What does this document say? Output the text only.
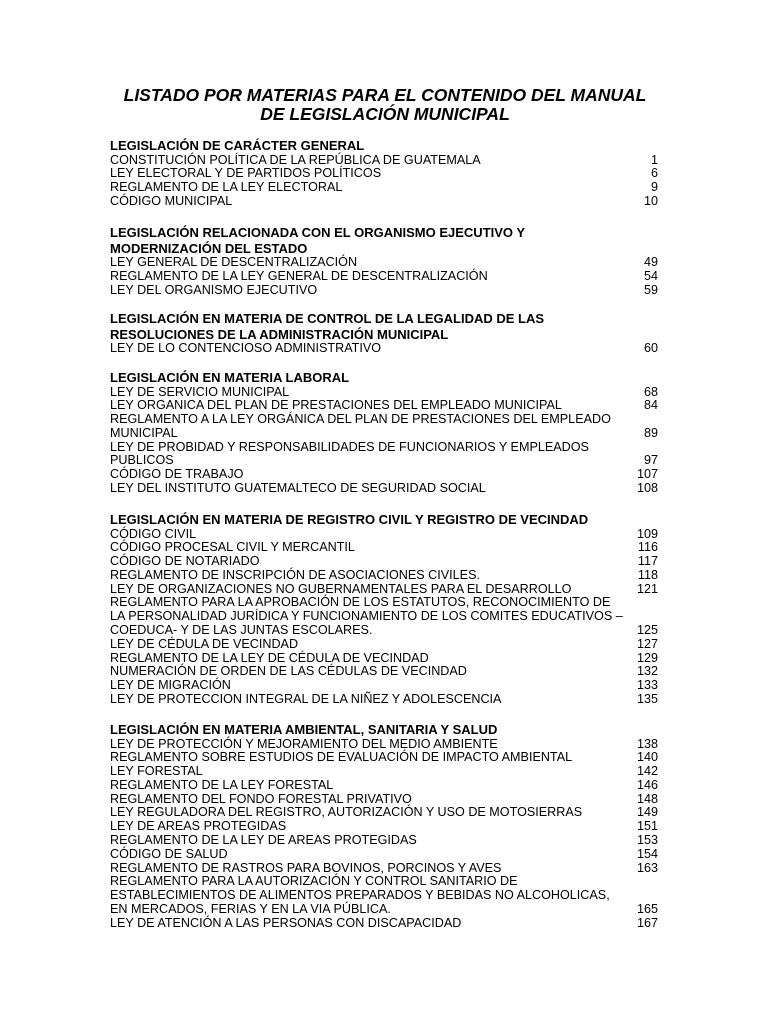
LISTADO POR MATERIAS PARA EL CONTENIDO DEL MANUAL
DE LEGISLACIÓN MUNICIPAL
LEGISLACIÓN DE CARÁCTER GENERAL
CONSTITUCIÓN POLÍTICA DE LA REPÚBLICA DE GUATEMALA	1
LEY ELECTORAL Y DE PARTIDOS POLÍTICOS	6
REGLAMENTO DE LA LEY ELECTORAL	9
CÓDIGO MUNICIPAL	10
LEGISLACIÓN RELACIONADA CON EL ORGANISMO EJECUTIVO Y
MODERNIZACIÓN DEL ESTADO
LEY GENERAL DE DESCENTRALIZACIÓN	49
REGLAMENTO DE LA LEY GENERAL DE DESCENTRALIZACIÓN	54
LEY DEL ORGANISMO EJECUTIVO	59
LEGISLACIÓN EN MATERIA DE CONTROL DE LA LEGALIDAD DE LAS
RESOLUCIONES DE LA ADMINISTRACIÓN MUNICIPAL
LEY DE LO CONTENCIOSO ADMINISTRATIVO	60
LEGISLACIÓN EN MATERIA LABORAL
LEY DE SERVICIO MUNICIPAL	68
LEY ORGANICA DEL PLAN DE PRESTACIONES DEL EMPLEADO MUNICIPAL	84
REGLAMENTO A LA LEY ORGÁNICA DEL PLAN DE PRESTACIONES DEL EMPLEADO MUNICIPAL	89
LEY DE PROBIDAD Y RESPONSABILIDADES DE FUNCIONARIOS Y EMPLEADOS PUBLICOS	97
CÓDIGO DE TRABAJO	107
LEY DEL INSTITUTO GUATEMALTECO DE SEGURIDAD SOCIAL	108
LEGISLACIÓN EN MATERIA DE REGISTRO CIVIL Y REGISTRO DE VECINDAD
CÓDIGO CIVIL	109
CÓDIGO PROCESAL CIVIL Y MERCANTIL	116
CÓDIGO DE NOTARIADO	117
REGLAMENTO DE INSCRIPCIÓN DE ASOCIACIONES CIVILES.	118
LEY DE ORGANIZACIONES NO GUBERNAMENTALES PARA EL DESARROLLO	121
REGLAMENTO PARA LA APROBACIÓN DE LOS ESTATUTOS, RECONOCIMIENTO DE LA PERSONALIDAD JURÍDICA Y FUNCIONAMIENTO DE LOS COMITES EDUCATIVOS – COEDUCA- Y DE LAS JUNTAS ESCOLARES.	125
LEY DE CÉDULA DE VECINDAD	127
REGLAMENTO DE LA LEY DE CÉDULA DE VECINDAD	129
NUMERACIÓN DE ORDEN DE LAS CÉDULAS DE VECINDAD	132
LEY DE MIGRACIÓN	133
LEY DE PROTECCION INTEGRAL DE LA NIÑEZ Y ADOLESCENCIA	135
LEGISLACIÓN EN MATERIA AMBIENTAL, SANITARIA Y SALUD
LEY DE PROTECCIÓN Y MEJORAMIENTO DEL MEDIO AMBIENTE	138
REGLAMENTO SOBRE ESTUDIOS DE EVALUACIÓN DE IMPACTO AMBIENTAL	140
LEY FORESTAL	142
REGLAMENTO DE LA LEY FORESTAL	146
REGLAMENTO DEL FONDO FORESTAL PRIVATIVO	148
LEY REGULADORA DEL REGISTRO, AUTORIZACIÓN Y USO DE MOTOSIERRAS	149
LEY DE AREAS PROTEGIDAS	151
REGLAMENTO DE LA LEY DE AREAS PROTEGIDAS	153
CÓDIGO DE SALUD	154
REGLAMENTO DE RASTROS PARA BOVINOS, PORCINOS Y AVES	163
REGLAMENTO PARA LA AUTORIZACIÓN Y CONTROL SANITARIO DE ESTABLECIMIENTOS DE ALIMENTOS PREPARADOS Y BEBIDAS NO ALCOHOLICAS, EN MERCADOS, FERIAS Y EN LA VIA PÚBLICA.	165
LEY DE ATENCIÓN A LAS PERSONAS CON DISCAPACIDAD	167
